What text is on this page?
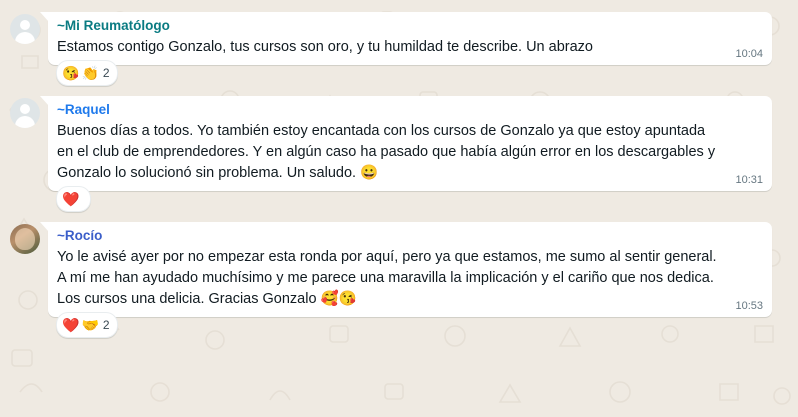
~Mi Reumatólogo
Estamos contigo Gonzalo, tus cursos son oro, y tu humildad te describe. Un abrazo	10:04
😘 👏 2
~Raquel
Buenos días a todos. Yo también estoy encantada con los cursos de Gonzalo ya que estoy apuntada en el club de emprendedores. Y en algún caso ha pasado que había algún error en los descargables y Gonzalo lo solucionó sin problema. Un saludo. 😀	10:31
❤️
~Rocío
Yo le avisé ayer por no empezar esta ronda por aquí, pero ya que estamos, me sumo al sentir general. A mí me han ayudado muchísimo y me parece una maravilla la implicación y el cariño que nos dedica. Los cursos una delicia. Gracias Gonzalo 🥰😘	10:53
❤️ 🤝 2
